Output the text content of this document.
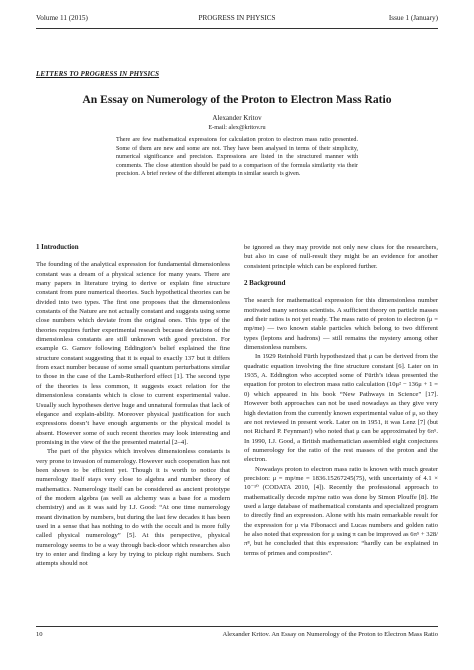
Volume 11 (2015)	PROGRESS IN PHYSICS	Issue 1 (January)
LETTERS TO PROGRESS IN PHYSICS
An Essay on Numerology of the Proton to Electron Mass Ratio
Alexander Kritov
E-mail: alex@kritov.ru
There are few mathematical expressions for calculation proton to electron mass ratio presented. Some of them are new and some are not. They have been analysed in terms of their simplicity, numerical significance and precision. Expressions are listed in the structured manner with comments. The close attention should be paid to a comparison of the formula similarity via their precision. A brief review of the different attempts in similar search is given.
1 Introduction

The founding of the analytical expression for fundamental dimensionless constant was a dream of a physical science for many years. There are many papers in literature trying to derive or explain fine structure constant from pure numerical theories. Such hypothetical theories can be divided into two types. The first one proposes that the dimensionless constants of the Nature are not actually constant and suggests using some close numbers which deviate from the original ones. This type of the theories requires further experimental research because deviations of the dimensionless constants are still unknown with good precision. For example G. Gamov following Eddington’s belief explained the fine structure constant suggesting that it is equal to exactly 137 but it differs from exact number because of some small quantum perturbations similar to those in the case of the Lamb-Rutherford effect [1]. The second type of the theories is less common, it suggests exact relation for the dimensionless constants which is close to current experimental value. Usually such hypotheses derive huge and unnatural formulas that lack of elegance and explain-ability. Moreover physical justification for such expressions doesn’t have enough arguments or the physical model is absent. However some of such recent theories may look interesting and promising in the view of the the presented material [2–4].

The part of the physics which involves dimensionless constants is very prone to invasion of numerology. However such cooperation has not been shown to be efficient yet. Though it is worth to notice that numerology itself stays very close to algebra and number theory of mathematics. Numerology itself can be considered as ancient prototype of the modern algebra (as well as alchemy was a base for a modern chemistry) and as it was said by I.J. Good: “At one time numerology meant divination by numbers, but during the last few decades it has been used in a sense that has nothing to do with the occult and is more fully called physical numerology” [5]. At this perspective, physical numerology seems to be a way through back-door which researches also try to enter and finding a key by trying to pickup right numbers. Such attempts should not

be ignored as they may provide not only new clues for the researchers, but also in case of null-result they might be an evidence for another consistent principle which can be explored further.

2 Background

The search for mathematical expression for this dimensionless number motivated many serious scientists. A sufficient theory on particle masses and their ratios is not yet ready. The mass ratio of proton to electron (μ = mp/me) — two known stable particles which belong to two different types (leptons and hadrons) — still remains the mystery among other dimensionless numbers.

In 1929 Reinhold Fürth hypothesized that μ can be derived from the quadratic equation involving the fine structure constant [6]. Later on in 1935, A. Eddington who accepted some of Fürth’s ideas presented the equation for proton to electron mass ratio calculation (10μ² − 136μ + 1 = 0) which appeared in his book “New Pathways in Science” [17]. However both approaches can not be used nowadays as they give very high deviation from the currently known experimental value of μ, so they are not reviewed in present work. Later on in 1951, it was Lenz [7] (but not Richard P. Feynman!) who noted that μ can be approximated by 6π⁵. In 1990, I.J. Good, a British mathematician assembled eight conjectures of numerology for the ratio of the rest masses of the proton and the electron.

Nowadays proton to electron mass ratio is known with much greater precision: μ = mp/me = 1836.15267245(75), with uncertainty of 4.1 × 10⁻¹⁰ (CODATA 2010, [4]). Recently the professional approach to mathematically decode mp/me ratio was done by Simon Plouffe [8]. He used a large database of mathematical constants and specialized program to directly find an expression. Alone with his main remarkable result for the expression for μ via Fibonacci and Lucas numbers and golden ratio he also noted that expression for μ using π can be improved as 6π⁵ + 328/π⁸, but he concluded that this expression: “hardly can be explained in terms of primes and composites”.

10	Alexander Kritov. An Essay on Numerology of the Proton to Electron Mass Ratio
